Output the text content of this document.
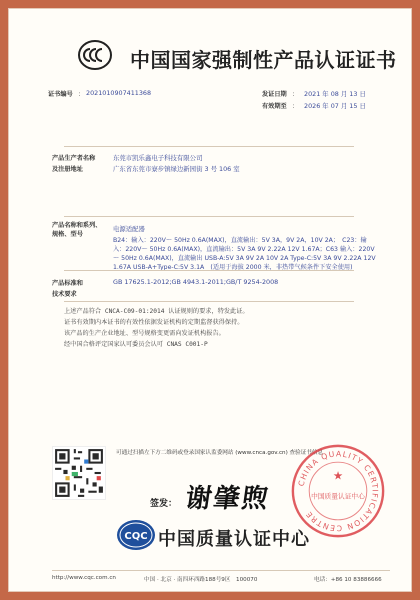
中国国家强制性产品认证证书
证书编号 ： 2021010907411368	发证日期 ： 2021 年 08 月 13 日
有效期至 ： 2026 年 07 月 15 日
产品生产者名称	东莞市凯乐鑫电子科技有限公司
及注册地址	广东省东莞市寮步镇绿边新园街 3 号 106 室
产品名称和系列、
规格、型号
电源适配器
B24：输入：220V～ 50Hz 0.6A(MAX)，直流输出：5V 3A，9V 2A，10V 2A；　C23：输入：220V～ 50Hz 0.6A(MAX)，直流输出：5V 3A 9V 2.22A 12V 1.67A；C63 输入：220V～ 50Hz 0.6A(MAX)，直流输出 USB-A:5V 3A 9V 2A 10V 2A Type-C:5V 3A 9V 2.22A 12V 1.67A USB-A+Type-C:5V 3.1A　(适用于海拔 2000 米，非热带气候条件下安全使用)
产品标准和
技术要求
GB 17625.1-2012;GB 4943.1-2011;GB/T 9254-2008
上述产品符合 CNCA-C09-01:2014 认证规则的要求，特发此证。
证书有效期内本证书的有效性依据发证机构的定期监督获得保持。
该产品的生产企业地址、型号规格变更需向发证机构报告。
经中国合格评定国家认可委员会认可 CNAS C001-P
可通过扫描左下方二维码或登录国家认监委网站 (www.cnca.gov.cn) 查验证书信息
签发： 谢肇煦
CHINA QUALITY CERTIFICATION CENTRE
★
中国质量认证中心
CQC 中国质量认证中心
http://www.cqc.com.cn	中国 · 北京 · 南四环西路188号9区　100070	电话：+86 10 83886666
